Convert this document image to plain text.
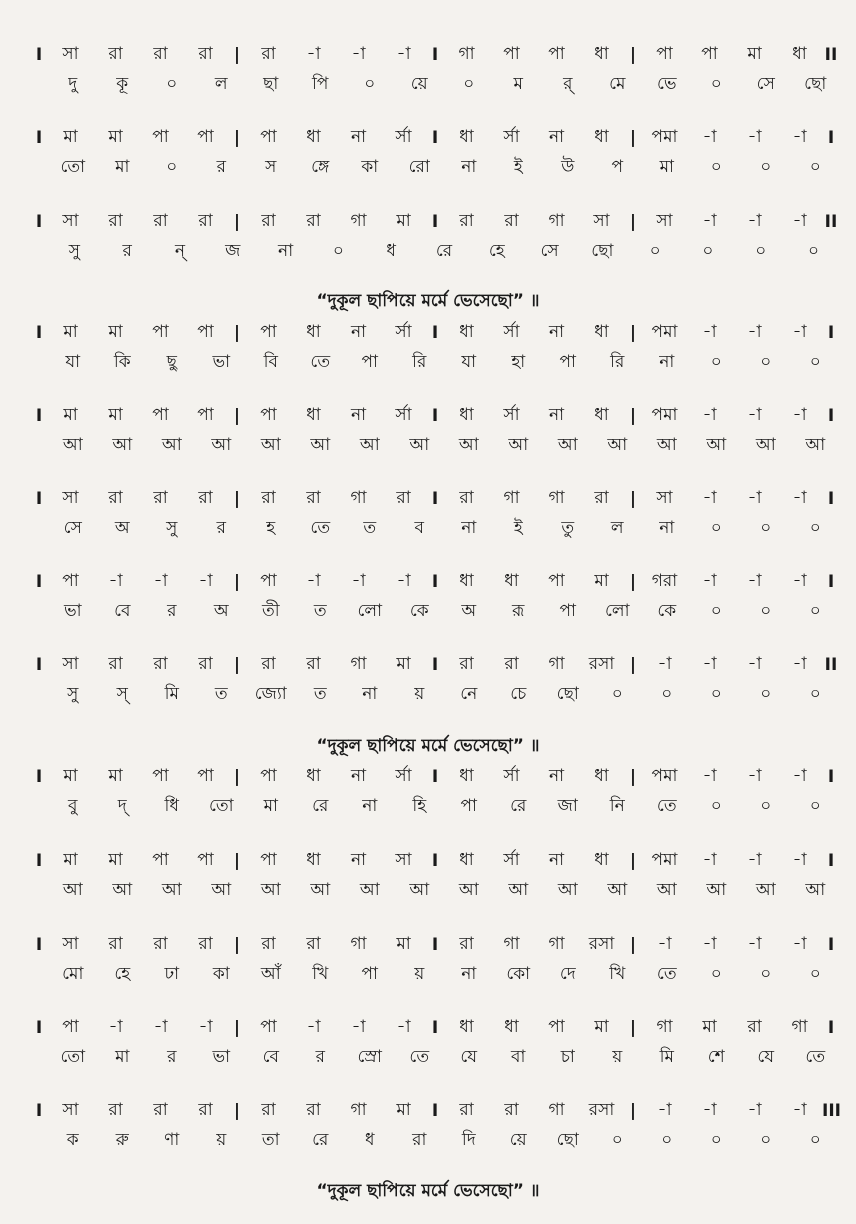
I	সা	রা	রা	রা	|	রা	-া	-া	-া	I	গা	পা	পা	ধা	|	পা	পা	মা	ধা	II
দু	কূ	০	ল	ছা	পি	০	য়ে	০	ম	র্	মে	ভে	০	সে	ছো
I	মা	মা	পা	পা	|	পা	ধা	না	র্সা	I	ধা	র্সা	না	ধা	| পমা	-া	-া	-া	I
তো	মা	০	র	স	ঙ্গে	কা	রো	না	ই	উ	প	মা	০	০	০
I	সা	রা	রা	রা	|	রা	রা	গা	মা	I	রা	রা	গা	সা	|	সা	-া	-া	-া	II
সু	র	ন্	জ	না	০	ধ	রে	হে	সে	ছো	০	০	০	০
I	মা	মা	পা	পা	|	পা	ধা	না	র্সা	I	ধা	র্সা	না	ধা	| পমা	-া	-া	-া	I
যা	কি	ছু	ভা	বি	তে	পা	রি	যা	হা	পা	রি	না	০	০	০
I	মা	মা	পা	পা	|	পা	ধা	না	র্সা	I	ধা	র্সা	না	ধা	| পমা	-া	-া	-া	I
আ	আ	আ	আ	আ	আ	আ	আ	আ	আ	আ	আ	আ	আ	আ	আ
I	সা	রা	রা	রা	|	রা	রা	গা	রা	I	রা	গা	গা	রা	|	সা	-া	-া	-া	I
সে	অ	সু	র	হ	তে	ত	ব	না	ই	তু	ল	না	০	০	০
I	পা	-া	-া	-া	|	পা	-া	-া	-া	I	ধা	ধা	পা	মা	| গরা	-া	-া	-া	I
ভা	বে	র	অ	তী	ত	লো	কে	অ	রূ	পা	লো	কে	০	০	০
I	সা	রা	রা	রা	|	রা	রা	গা	মা	I	রা	রা	গা	রসা |	-া	-া	-া	-া	II
সু	স্	মি	ত	জ্যো	ত	না	য়	নে	চে	ছো	০	০	০	০	০
I	মা	মা	পা	পা	|	পা	ধা	না	র্সা	I	ধা	র্সা	না	ধা	| পমা	-া	-া	-া	I
বু	দ্	ধি	তো	মা	রে	না	হি	পা	রে	জা	নি	তে	০	০	০
I	মা	মা	পা	পা	|	পা	ধা	না	সা	I	ধা	র্সা	না	ধা	| পমা	-া	-া	-া	I
আ	আ	আ	আ	আ	আ	আ	আ	আ	আ	আ	আ	আ	আ	আ	আ
I	সা	রা	রা	রা	|	রা	রা	গা	মা	I	রা	গা	গা	রসা |	-া	-া	-া	-া	I
মো	হে	ঢা	কা	আঁ	খি	পা	য়	না	কো	দে	খি	তে	০	০	০
I	পা	-া	-া	-া	|	পা	-া	-া	-া	I	ধা	ধা	পা	মা	|	গা	মা	রা	গা	I
তো	মা	র	ভা	বে	র	স্রো	তে	যে	বা	চা	য়	মি	শে	যে	তে
I	সা	রা	রা	রা	|	রা	রা	গা	মা	I	রা	রা	গা	রসা |	-া	-া	-া	-া III
ক	রু	ণা	য়	তা	রে	ধ	রা	দি	য়ে	ছো	০	০	০	০	০
“দুকূল ছাপিয়ে মর্মে ভেসেছো” ॥
“দুকূল ছাপিয়ে মর্মে ভেসেছো” ॥
“দুকূল ছাপিয়ে মর্মে ভেসেছো” ॥
